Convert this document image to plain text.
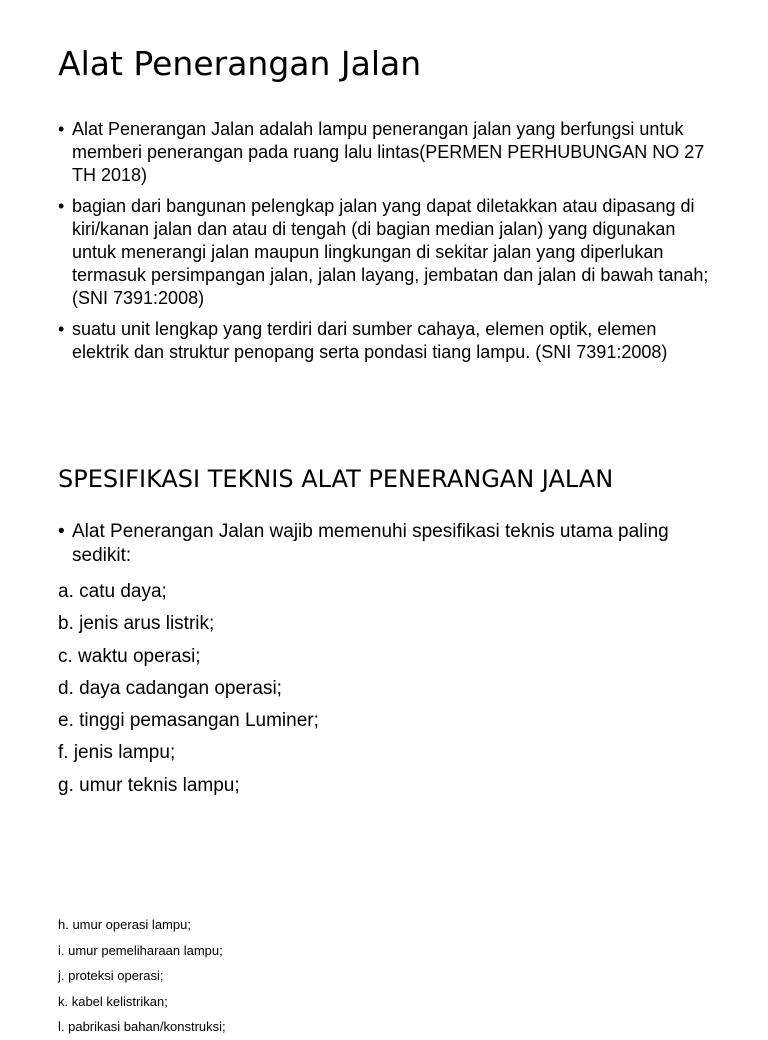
Alat Penerangan Jalan
• Alat Penerangan Jalan adalah lampu penerangan jalan yang berfungsi untuk memberi penerangan pada ruang lalu lintas(PERMEN PERHUBUNGAN NO 27 TH 2018)
• bagian dari bangunan pelengkap jalan yang dapat diletakkan atau dipasang di kiri/kanan jalan dan atau di tengah (di bagian median jalan) yang digunakan untuk menerangi jalan maupun lingkungan di sekitar jalan yang diperlukan termasuk persimpangan jalan, jalan layang, jembatan dan jalan di bawah tanah; (SNI 7391:2008)
• suatu unit lengkap yang terdiri dari sumber cahaya, elemen optik, elemen elektrik dan struktur penopang serta pondasi tiang lampu. (SNI 7391:2008)
SPESIFIKASI TEKNIS ALAT PENERANGAN JALAN
• Alat Penerangan Jalan wajib memenuhi spesifikasi teknis utama paling sedikit:
a. catu daya;
b. jenis arus listrik;
c. waktu operasi;
d. daya cadangan operasi;
e. tinggi pemasangan Luminer;
f. jenis lampu;
g. umur teknis lampu;
h. umur operasi lampu;
i. umur pemeliharaan lampu;
j. proteksi operasi;
k. kabel kelistrikan;
l. pabrikasi bahan/konstruksi;
